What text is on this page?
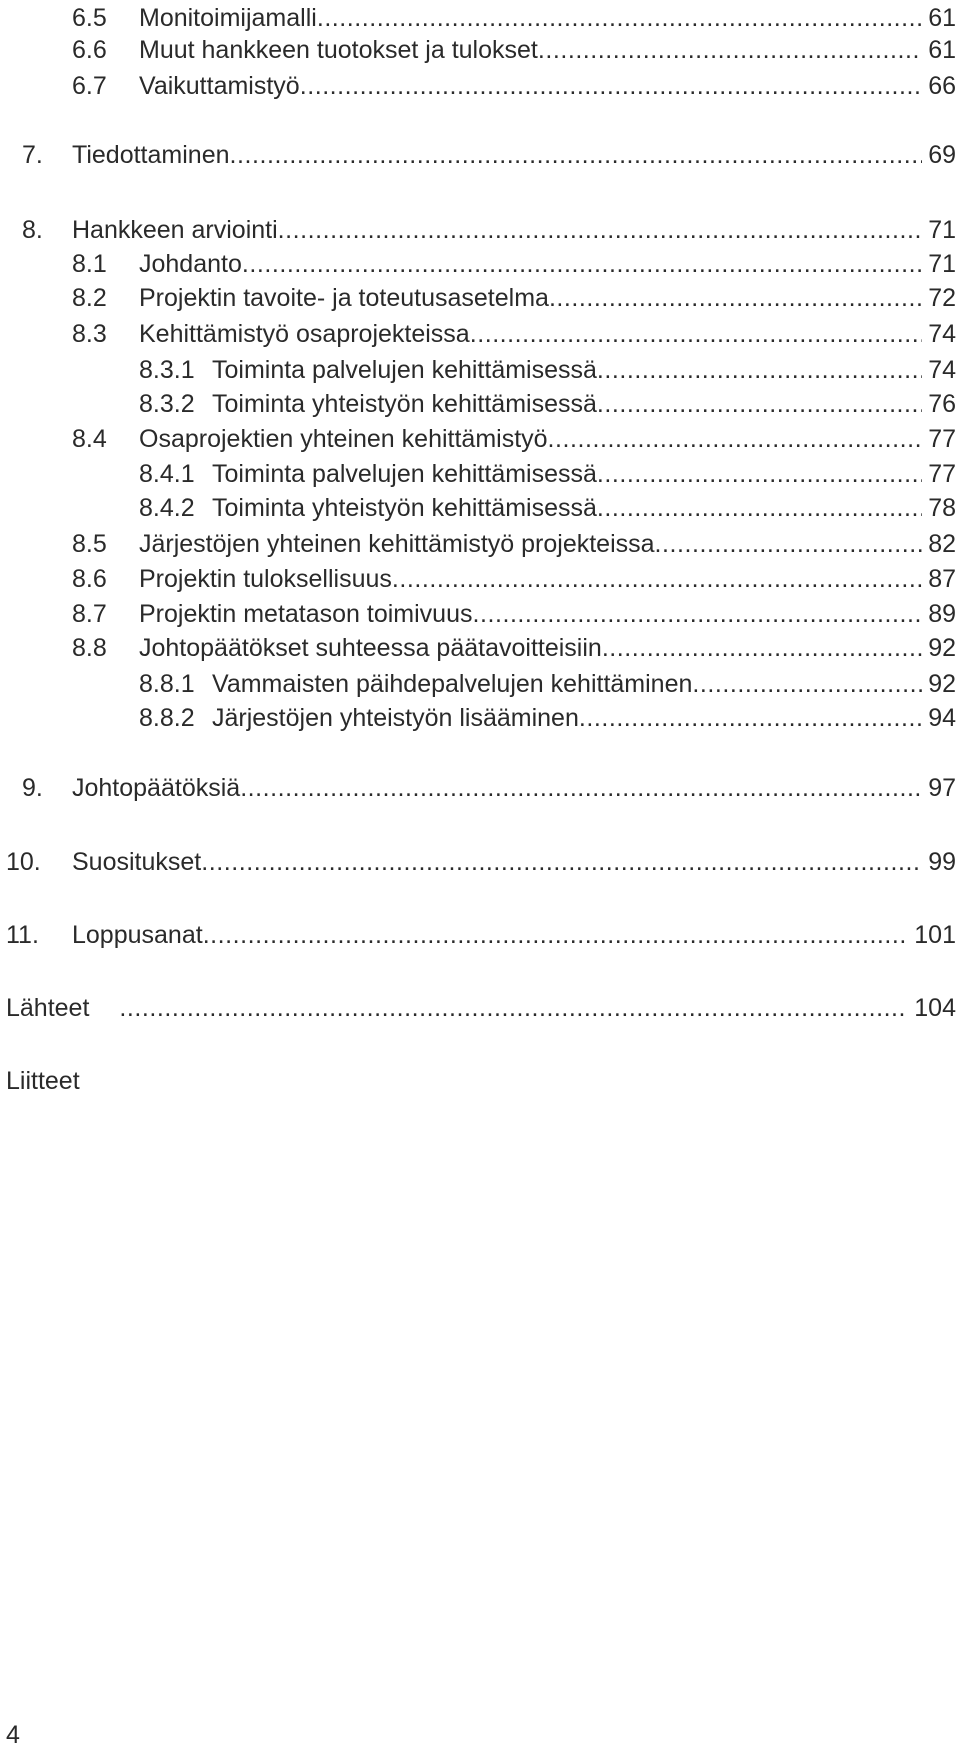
6.5 Monitoimijamalli . . .	61
6.6 Muut hankkeen tuotokset ja tulokset . . .	61
6.7 Vaikuttamistyö . . .	66
7. Tiedottaminen . . .	69
8. Hankkeen arviointi . . .	71
8.1 Johdanto . . .	71
8.2 Projektin tavoite- ja toteutusasetelma . . .	72
8.3 Kehittämistyö osaprojekteissa . . .	74
8.3.1 Toiminta palvelujen kehittämisessä . . .	74
8.3.2 Toiminta yhteistyön kehittämisessä . . .	76
8.4 Osaprojektien yhteinen kehittämistyö . . .	77
8.4.1 Toiminta palvelujen kehittämisessä . . .	77
8.4.2 Toiminta yhteistyön kehittämisessä . . .	78
8.5 Järjestöjen yhteinen kehittämistyö projekteissa . . .	82
8.6 Projektin tuloksellisuus . . .	87
8.7 Projektin metatason toimivuus . . .	89
8.8 Johtopäätökset suhteessa päätavoitteisiin . . .	92
8.8.1 Vammaisten päihdepalvelujen kehittäminen . . .	92
8.8.2 Järjestöjen yhteistyön lisääminen . . .	94
9. Johtopäätöksiä . . .	97
10. Suositukset . . .	99
11. Loppusanat . . .	101
Lähteet . . .	104
Liitteet
4
